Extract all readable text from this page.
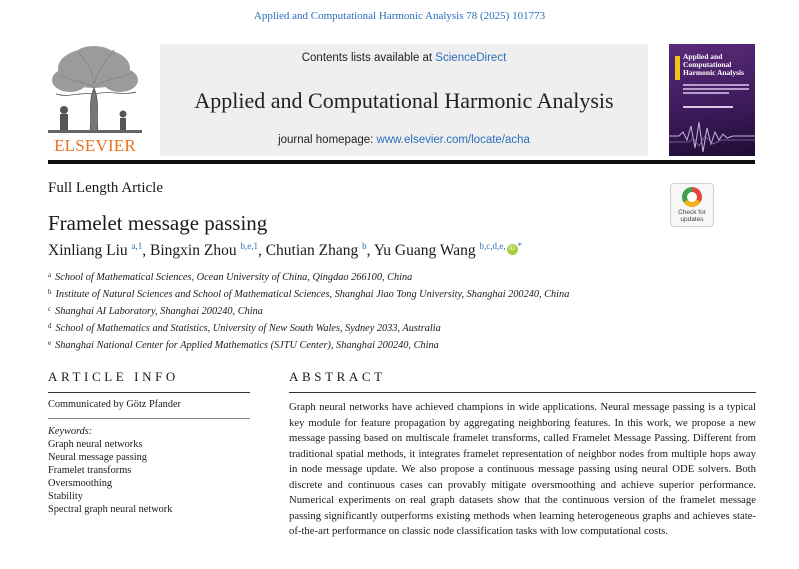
Applied and Computational Harmonic Analysis 78 (2025) 101773
ELSEVIER
Contents lists available at ScienceDirect
Applied and Computational Harmonic Analysis
journal homepage: www.elsevier.com/locate/acha
Applied and Computational Harmonic Analysis
Full Length Article
Framelet message passing	Check for
updates
Xinliang Liu $^{a,1}$, Bingxin Zhou $^{b,e,1}$, Chutian Zhang $^b$, Yu Guang Wang $^{b,c,d,e,}$ iD *
$^a$ School of Mathematical Sciences, Ocean University of China, Qingdao 266100, China
$^b$ Institute of Natural Sciences and School of Mathematical Sciences, Shanghai Jiao Tong University, Shanghai 200240, China
$^c$ Shanghai AI Laboratory, Shanghai 200240, China
$^d$ School of Mathematics and Statistics, University of New South Wales, Sydney 2033, Australia
$^e$ Shanghai National Center for Applied Mathematics (SJTU Center), Shanghai 200240, China
ARTICLE INFO	ABSTRACT
Communicated by Götz Pfander
Keywords:
Graph neural networks
Neural message passing
Framelet transforms
Oversmoothing
Stability
Spectral graph neural network
Graph neural networks have achieved champions in wide applications. Neural message passing is a typical key module for feature propagation by aggregating neighboring features. In this work, we propose a new message passing based on multiscale framelet transforms, called Framelet Message Passing. Different from traditional spatial methods, it integrates framelet representation of neighbor nodes from multiple hops away in node message update. We also propose a continuous message passing using neural ODE solvers. Both discrete and continuous cases can provably mitigate oversmoothing and achieve superior performance. Numerical experiments on real graph datasets show that the continuous version of the framelet message passing significantly outperforms existing methods when learning heterogeneous graphs and achieves state-of-the-art performance on classic node classification tasks with low computational costs.
